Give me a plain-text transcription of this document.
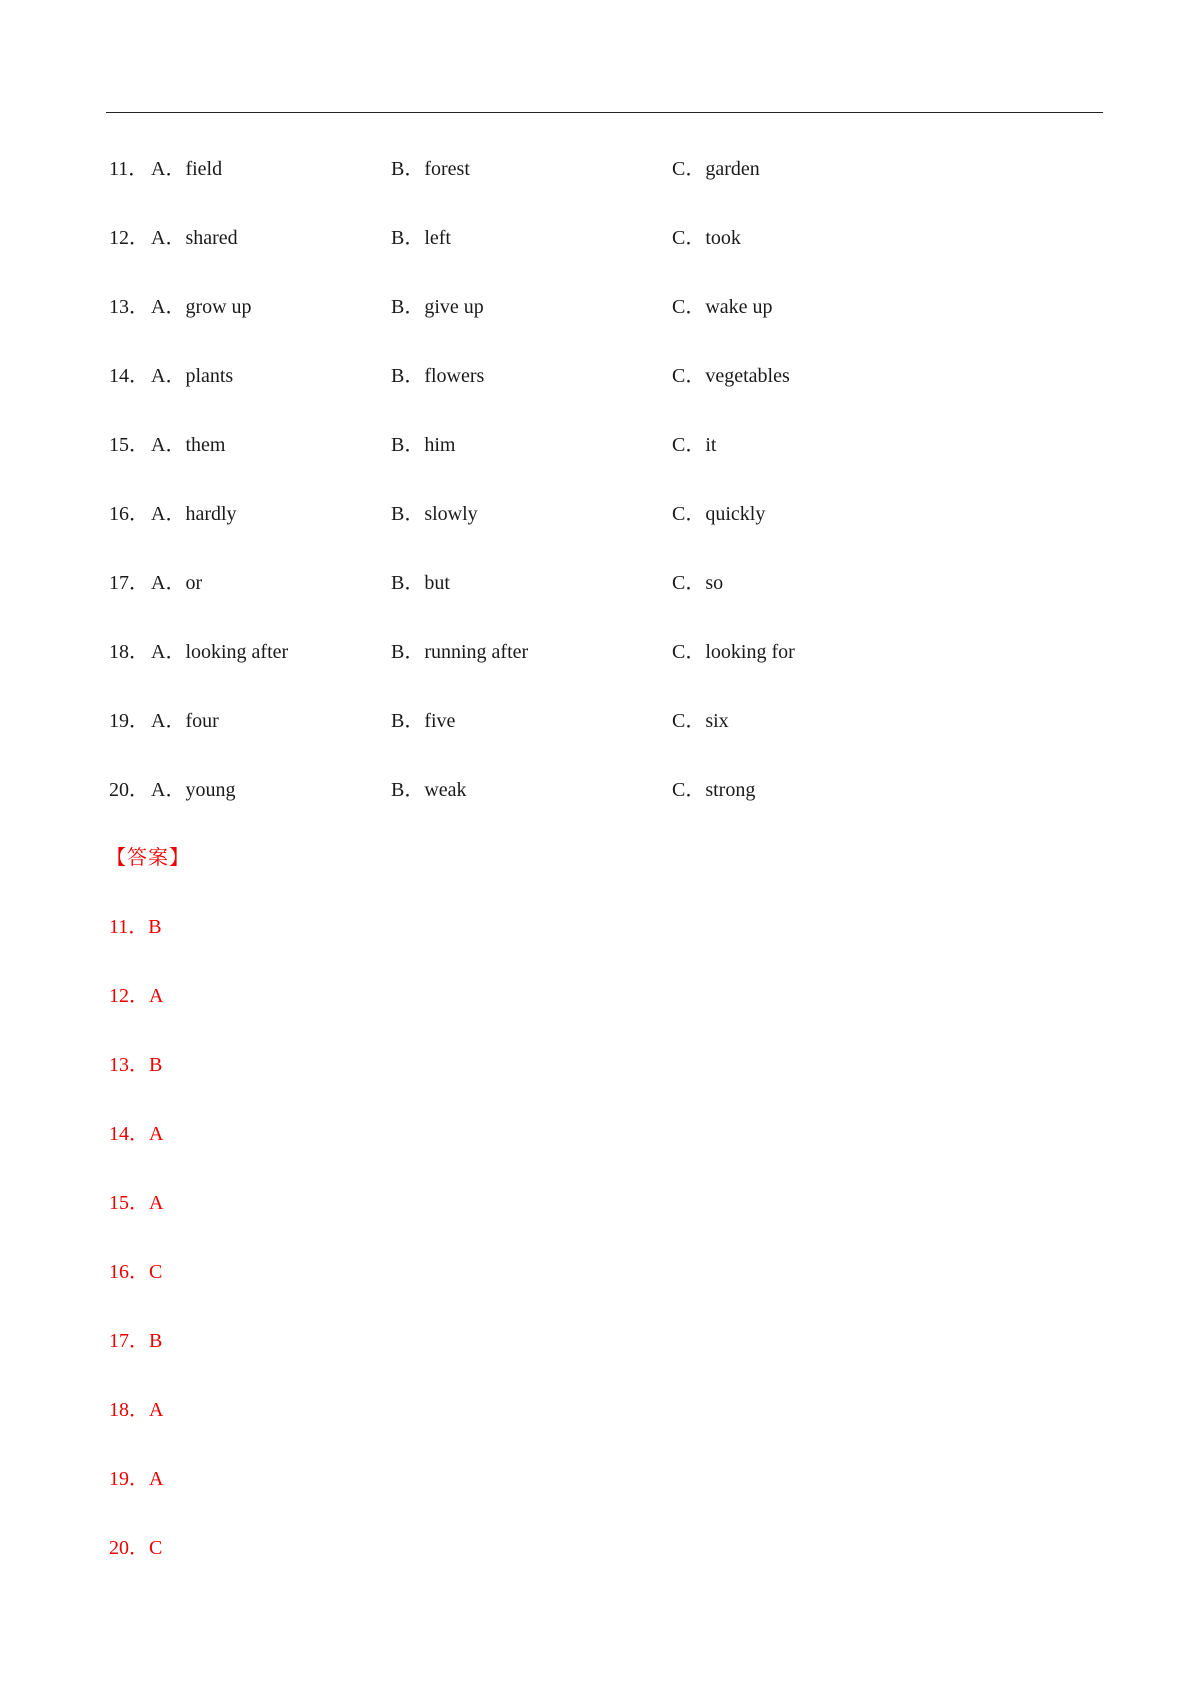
11． A．field	B．forest	C．garden
12． A．shared	B．left	C．took
13． A．grow up	B．give up	C．wake up
14． A．plants	B．flowers	C．vegetables
15． A．them	B．him	C．it
16． A．hardly	B．slowly	C．quickly
17． A．or	B．but	C．so
18． A．looking after	B．running after	C．looking for
19． A．four	B．five	C．six
20． A．young	B．weak	C．strong
【答案】
11．B
12．A
13．B
14．A
15．A
16．C
17．B
18．A
19．A
20．C
